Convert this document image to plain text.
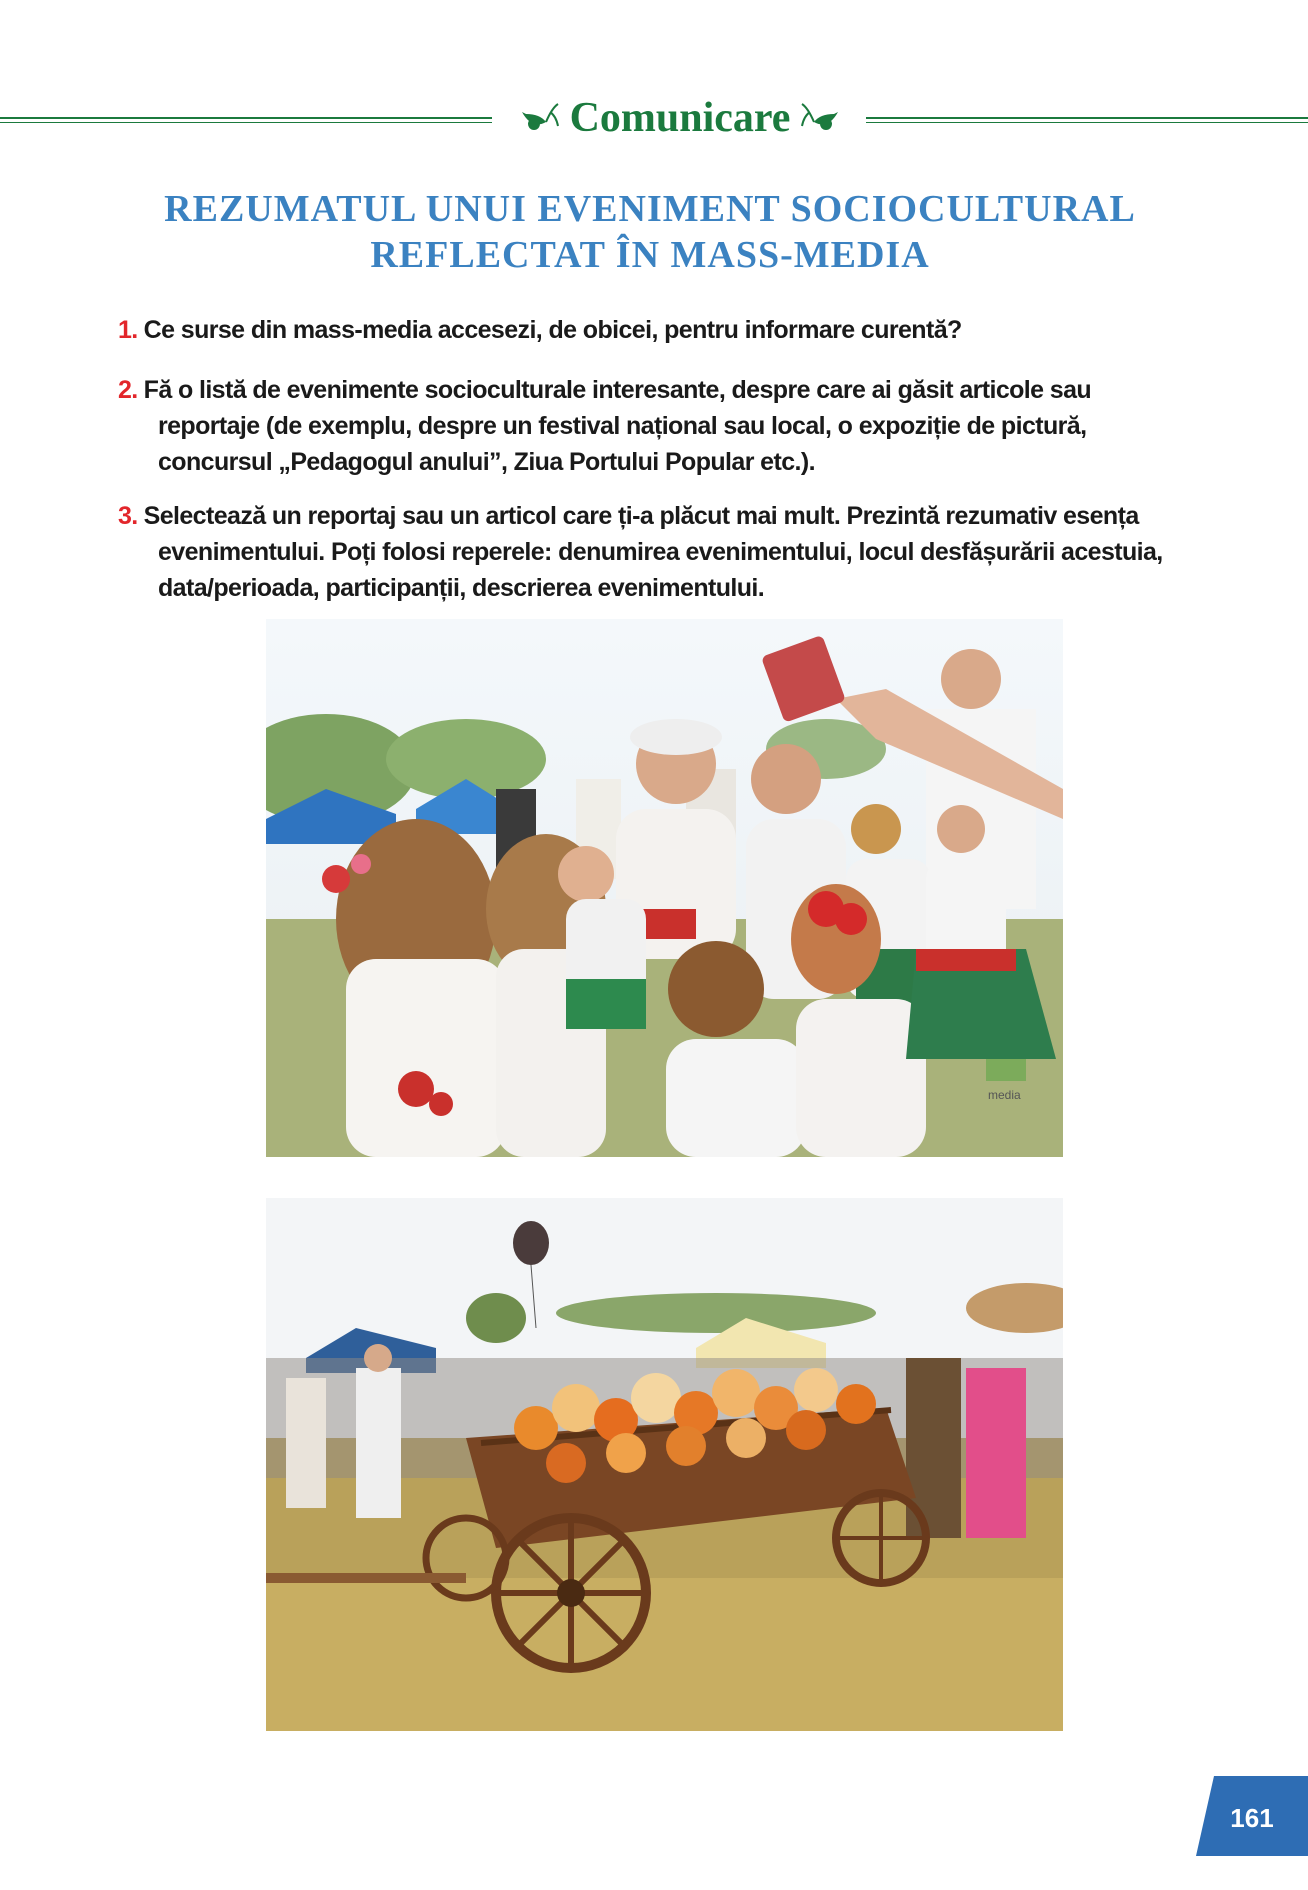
Comunicare
REZUMATUL UNUI EVENIMENT SOCIOCULTURAL
REFLECTAT ÎN MASS-MEDIA
1. Ce surse din mass-media accesezi, de obicei, pentru informare curentă?
2. Fă o listă de evenimente socioculturale interesante, despre care ai găsit articole sau
reportaje (de exemplu, despre un festival național sau local, o expoziție de pictură,
concursul „Pedagogul anului”, Ziua Portului Popular etc.).
3. Selectează un reportaj sau un articol care ți-a plăcut mai mult. Prezintă rezumativ esența
evenimentului. Poți folosi reperele: denumirea evenimentului, locul desfășurării acestuia,
data/perioada, participanții, descrierea evenimentului.
media
161
